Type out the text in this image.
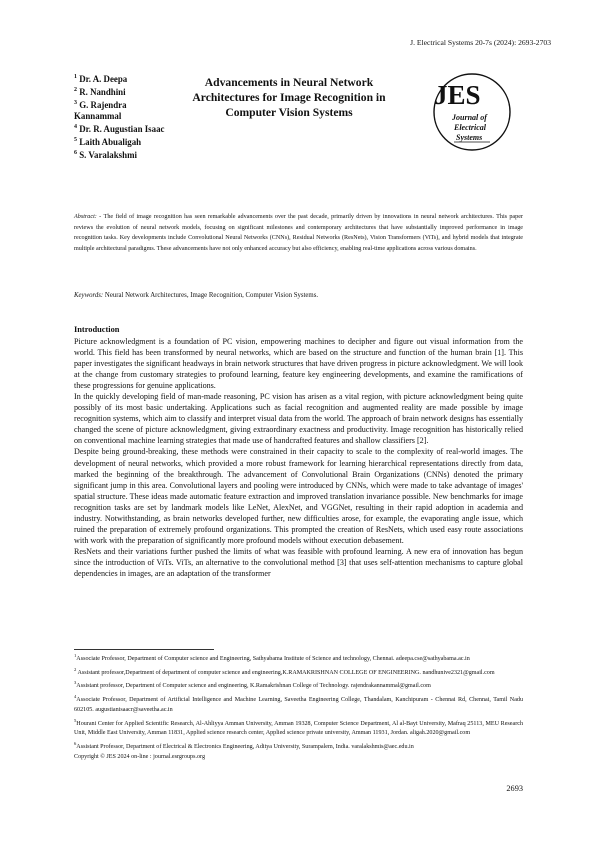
J. Electrical Systems 20-7s (2024): 2693-2703
$^1$ Dr. A. Deepa
$^2$ R. Nandhini
$^3$ G. Rajendra Kannammal
$^4$ Dr. R. Augustian Isaac
$^5$ Laith Abualigah
$^6$ S. Varalakshmi
Advancements in Neural Network Architectures for Image Recognition in Computer Vision Systems
JES
Journal of
Electrical
Systems
Abstract: - The field of image recognition has seen remarkable advancements over the past decade, primarily driven by innovations in neural network architectures. This paper reviews the evolution of neural network models, focusing on significant milestones and contemporary architectures that have substantially improved performance in image recognition tasks. Key developments include Convolutional Neural Networks (CNNs), Residual Networks (ResNets), Vision Transformers (ViTs), and hybrid models that integrate multiple architectural paradigms. These advancements have not only enhanced accuracy but also efficiency, enabling real-time applications across various domains.
Keywords: Neural Network Architectures, Image Recognition, Computer Vision Systems.
Introduction

Picture acknowledgment is a foundation of PC vision, empowering machines to decipher and figure out visual information from the world. This field has been transformed by neural networks, which are based on the structure and function of the human brain [1]. This paper investigates the significant headways in brain network structures that have driven progress in picture acknowledgment. We will look at the change from customary strategies to profound learning, feature key engineering developments, and examine the ramifications of these progressions for genuine applications.

In the quickly developing field of man-made reasoning, PC vision has arisen as a vital region, with picture acknowledgment being quite possibly of its most basic undertaking. Applications such as facial recognition and augmented reality are made possible by image recognition systems, which aim to classify and interpret visual data from the world. The approach of brain network designs has essentially changed the scene of picture acknowledgment, giving extraordinary exactness and productivity. Image recognition has historically relied on conventional machine learning strategies that made use of handcrafted features and shallow classifiers [2].

Despite being ground-breaking, these methods were constrained in their capacity to scale to the complexity of real-world images. The development of neural networks, which provided a more robust framework for learning hierarchical representations directly from data, marked the beginning of the breakthrough. The advancement of Convolutional Brain Organizations (CNNs) denoted the primary significant jump in this area. Convolutional layers and pooling were introduced by CNNs, which were made to take advantage of images' spatial structure. These ideas made automatic feature extraction and improved translation invariance possible. New benchmarks for image recognition tasks are set by landmark models like LeNet, AlexNet, and VGGNet, resulting in their rapid adoption in academia and industry. Notwithstanding, as brain networks developed further, new difficulties arose, for example, the evaporating angle issue, which ruined the preparation of extremely profound organizations. This prompted the creation of ResNets, which used easy route associations with work with the preparation of significantly more profound models without execution debasement.

ResNets and their variations further pushed the limits of what was feasible with profound learning. A new era of innovation has begun since the introduction of ViTs. ViTs, an alternative to the convolutional method [3] that uses self-attention mechanisms to capture global dependencies in images, are an adaptation of the transformer

$^1$Associate Professor, Department of Computer science and Engineering, Sathyabama Institute of Science and technology, Chennai. adeepa.cse@sathyabama.ac.in

$^2$ Assistant professor,Department of department of computer science and engineering,K.RAMAKRISHNAN COLLEGE OF ENGINEERING. nandhunive2321@gmail.com

$^3$Assistant professor, Department of Computer science and engineering, K.Ramakrishnan College of Technology. rajendrakannammal@gmail.com

$^4$Associate Professor, Department of Artificial Intelligence and Machine Learning, Saveetha Engineering College, Thandalam, Kanchipuram - Chennai Rd, Chennai, Tamil Nadu 602105. augustianisaacr@saveetha.ac.in

$^5$Hourani Center for Applied Scientific Research, Al-Ahliyya Amman University, Amman 19328, Computer Science Department, Al al-Bayt University, Mafraq 25113, MEU Research Unit, Middle East University, Amman 11831, Applied science research center, Applied science private university, Amman 11931, Jordan. aligah.2020@gmail.com

$^6$Assistant Professor, Department of Electrical & Electronics Engineering, Aditya University, Surampalem, India. varalakshmis@aec.edu.in

Copyright © JES 2024 on-line : journal.esrgroups.org

2693
